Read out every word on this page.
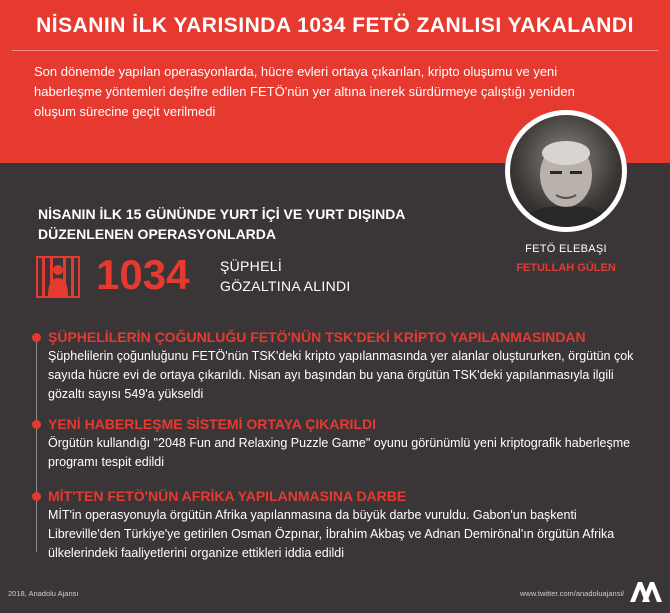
NİSANIN İLK YARISINDA 1034 FETÖ ZANLISI YAKALANDI
Son dönemde yapılan operasyonlarda, hücre evleri ortaya çıkarılan, kripto oluşumu ve yeni haberleşme yöntemleri deşifre edilen FETÖ'nün yer altına inerek sürdürmeye çalıştığı yeniden oluşum sürecine geçit verilmedi
FETÖ ELEBAŞI
FETULLAH GÜLEN
NİSANIN İLK 15 GÜNÜNDE YURT İÇİ VE YURT DIŞINDA DÜZENLENEN OPERASYONLARDA
1034 ŞÜPHELİ
GÖZALTINA ALINDI
ŞÜPHELİLERİN ÇOĞUNLUĞU FETÖ'NÜN TSK'DEKİ KRİPTO YAPILANMASINDAN
Şüphelilerin çoğunluğunu FETÖ'nün TSK'deki kripto yapılanmasında yer alanlar oluştururken, örgütün çok sayıda hücre evi de ortaya çıkarıldı. Nisan ayı başından bu yana örgütün TSK'deki yapılanmasıyla ilgili gözaltı sayısı 549'a yükseldi
YENİ HABERLEŞME SİSTEMİ ORTAYA ÇIKARILDI
Örgütün kullandığı "2048 Fun and Relaxing Puzzle Game" oyunu görünümlü yeni kriptografik haberleşme programı tespit edildi
MİT'TEN FETÖ'NÜN AFRİKA YAPILANMASINA DARBE
MİT'in operasyonuyla örgütün Afrika yapılanmasına da büyük darbe vuruldu. Gabon'un başkenti Libreville'den Türkiye'ye getirilen Osman Özpınar, İbrahim Akbaş ve Adnan Demirönal'ın örgütün Afrika ülkelerindeki faaliyetlerini organize ettikleri iddia edildi
2018, Anadolu Ajansı	www.twitter.com/anadoluajansi/
